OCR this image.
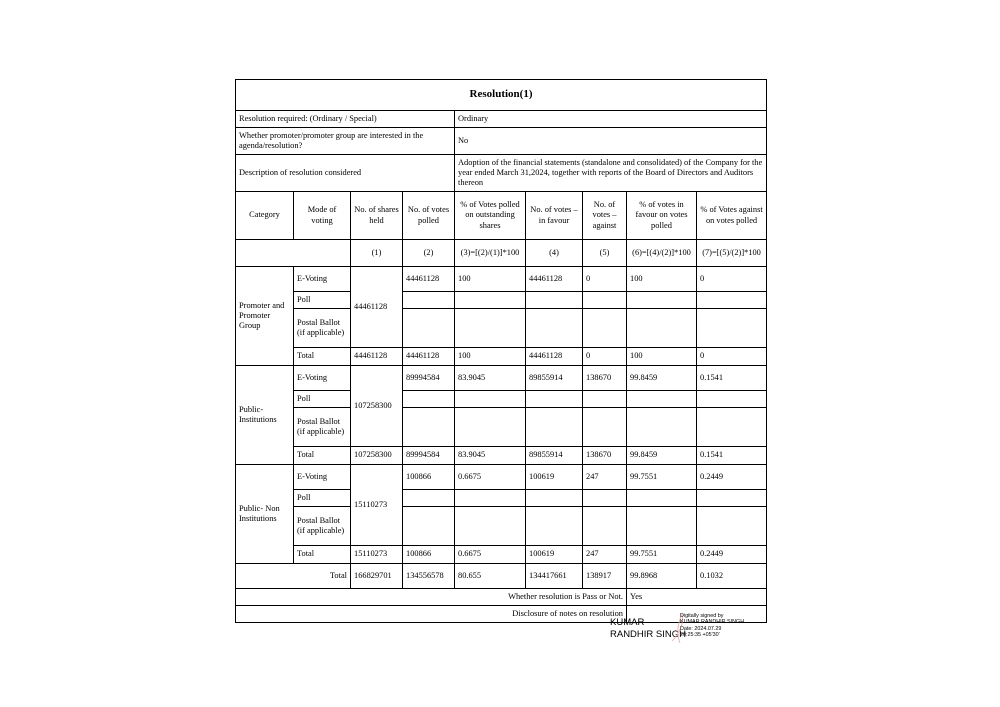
Resolution(1)								
Resolution required: (Ordinary / Special)				Ordinary				
Whether promoter/promoter group are interested in the agenda/resolution?				No				
Description of resolution considered				Adoption of the financial statements (standalone and consolidated) of the Company for the year ended March 31,2024, together with reports of the Board of Directors and Auditors thereon				
Category	Mode of voting	No. of shares held	No. of votes polled	% of Votes polled on outstanding shares	No. of votes – in favour	No. of votes – against	% of votes in favour on votes polled	% of Votes against on votes polled
		(1)	(2)	(3)=[(2)/(1)]*100	(4)	(5)	(6)=[(4)/(2)]*100	(7)=[(5)/(2)]*100
Promoter and Promoter Group	E-Voting	44461128	44461128	100	44461128	0	100	0
	Poll							
	Postal Ballot (if applicable)							
	Total	44461128	44461128	100	44461128	0	100	0
Public- Institutions	E-Voting	107258300	89994584	83.9045	89855914	138670	99.8459	0.1541
	Poll							
	Postal Ballot (if applicable)							
	Total	107258300	89994584	83.9045	89855914	138670	99.8459	0.1541
Public- Non Institutions	E-Voting	15110273	100866	0.6675	100619	247	99.7551	0.2449
	Poll							
	Postal Ballot (if applicable)							
	Total	15110273	100866	0.6675	100619	247	99.7551	0.2449
Total		166829701	134556578	80.655	134417661	138917	99.8968	0.1032
Whether resolution is Pass or Not.							Yes	
Disclosure of notes on resolution								
KUMAR
RANDHIR SINGH
Digitally signed by
KUMAR RANDHIR SINGH
Date: 2024.07.29
20:25:35 +05'30'
